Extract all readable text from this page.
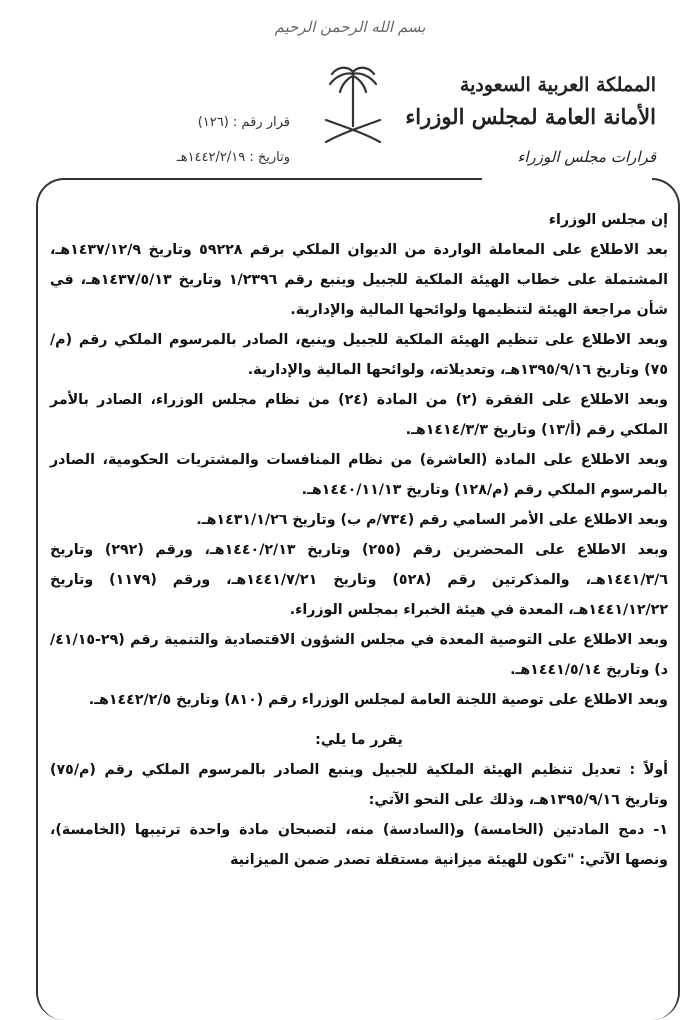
بسم الله الرحمن الرحيم
قرار رقم : (١٢٦)
وتاريخ : ١٤٤٢/٢/١٩هـ
المملكة العربية السعودية
الأمانة العامة لمجلس الوزراء
قرارات مجلس الوزراء

إن مجلس الوزراء

بعد الاطلاع على المعاملة الواردة من الديوان الملكي برقم ٥٩٢٢٨ وتاريخ ١٤٣٧/١٢/٩هـ، المشتملة على خطاب الهيئة الملكية للجبيل وينبع رقم ١/٢٣٩٦ وتاريخ ١٤٣٧/٥/١٣هـ، في شأن مراجعة الهيئة لتنظيمها ولوائحها المالية والإدارية.

وبعد الاطلاع على تنظيم الهيئة الملكية للجبيل وينبع، الصادر بالمرسوم الملكي رقم (م/٧٥) وتاريخ ١٣٩٥/٩/١٦هـ، وتعديلاته، ولوائحها المالية والإدارية.

وبعد الاطلاع على الفقرة (٢) من المادة (٢٤) من نظام مجلس الوزراء، الصادر بالأمر الملكي رقم (أ/١٣) وتاريخ ١٤١٤/٣/٣هـ.

وبعد الاطلاع على المادة (العاشرة) من نظام المنافسات والمشتريات الحكومية، الصادر بالمرسوم الملكي رقم (م/١٢٨) وتاريخ ١٤٤٠/١١/١٣هـ.

وبعد الاطلاع على الأمر السامي رقم (٧٣٤/م ب) وتاريخ ١٤٣١/١/٢٦هـ.

وبعد الاطلاع على المحضرين رقم (٢٥٥) وتاريخ ١٤٤٠/٢/١٣هـ، ورقم (٢٩٢) وتاريخ ١٤٤١/٣/٦هـ، والمذكرتين رقم (٥٢٨) وتاريخ ١٤٤١/٧/٢١هـ، ورقم (١١٧٩) وتاريخ ١٤٤١/١٢/٢٢هـ، المعدة في هيئة الخبراء بمجلس الوزراء.

وبعد الاطلاع على التوصية المعدة في مجلس الشؤون الاقتصادية والتنمية رقم (٢٩-٤١/١٥/د) وتاريخ ١٤٤١/٥/١٤هـ.

وبعد الاطلاع على توصية اللجنة العامة لمجلس الوزراء رقم (٨١٠) وتاريخ ١٤٤٢/٢/٥هـ.

يقرر ما يلي:

أولاً : تعديل تنظيم الهيئة الملكية للجبيل وينبع الصادر بالمرسوم الملكي رقم (م/٧٥) وتاريخ ١٣٩٥/٩/١٦هـ، وذلك على النحو الآتي:

١- دمج المادتين (الخامسة) و(السادسة) منه، لتصبحان مادة واحدة ترتيبها (الخامسة)، ونصها الآتي: "تكون للهيئة ميزانية مستقلة تصدر ضمن الميزانية
